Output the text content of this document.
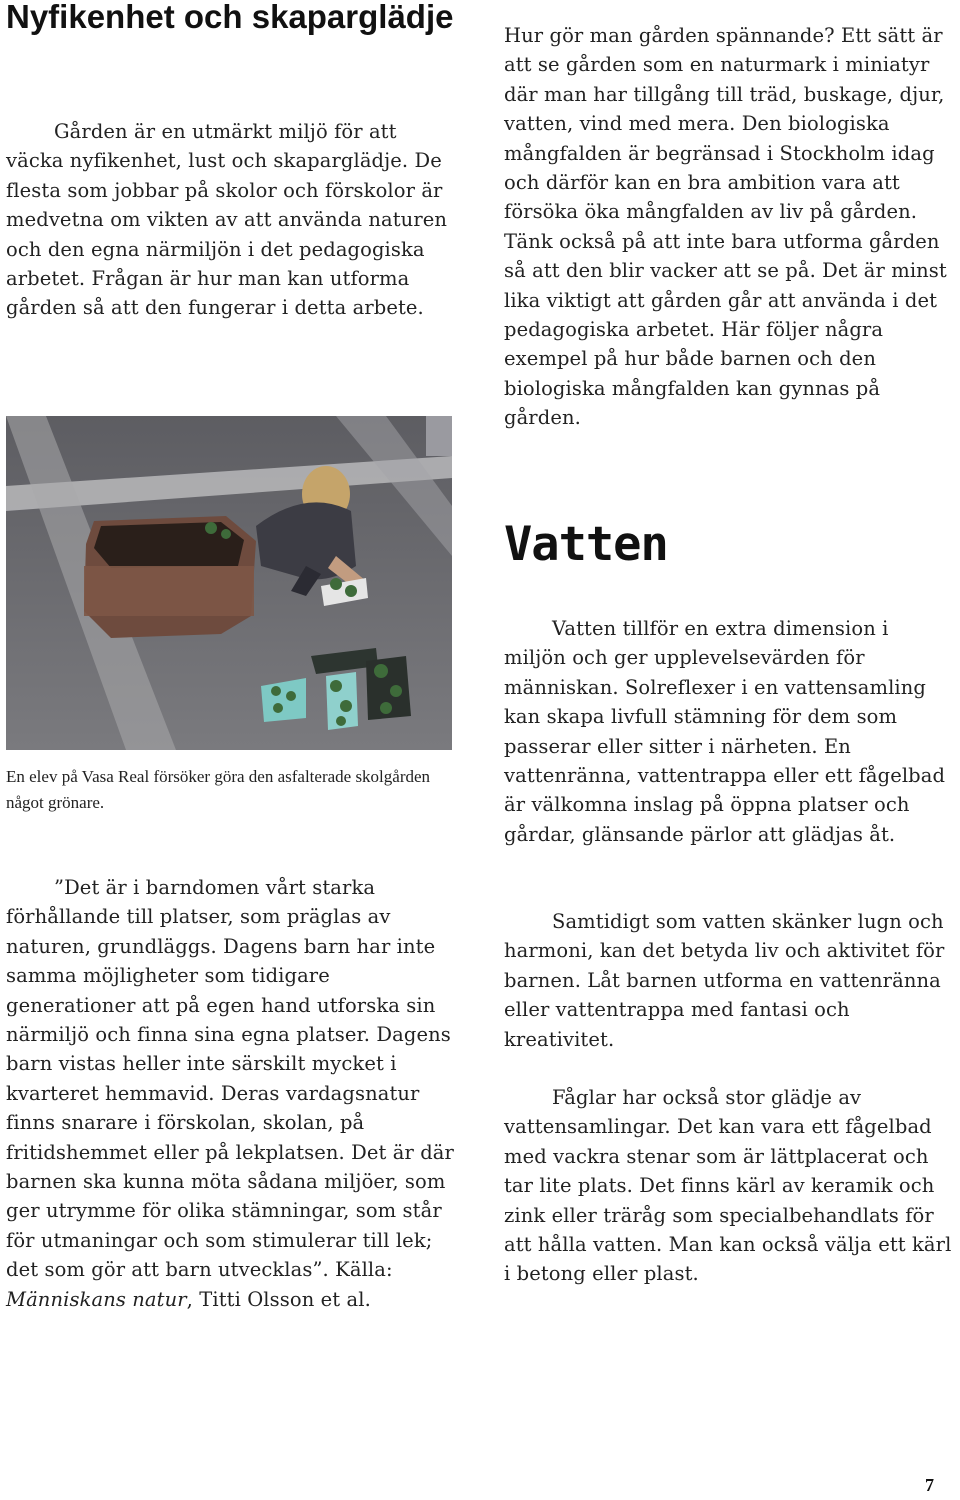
Nyfikenhet och skaparglädje

Gården är en utmärkt miljö för att väcka nyfikenhet, lust och skaparglädje. De flesta som jobbar på skolor och förskolor är medvetna om vikten av att använda naturen och den egna närmiljön i det pedagogiska arbetet. Frågan är hur man kan utforma gården så att den fungerar i detta arbete.

En elev på Vasa Real försöker göra den asfalterade skolgården något grönare.

”Det är i barndomen vårt starka förhållande till platser, som präglas av naturen, grundläggs. Dagens barn har inte samma möjligheter som tidigare generationer att på egen hand utforska sin närmiljö och finna sina egna platser. Dagens barn vistas heller inte särskilt mycket i kvarteret hemmavid. Deras vardagsnatur finns snarare i förskolan, skolan, på fritidshemmet eller på lekplatsen. Det är där barnen ska kunna möta sådana miljöer, som ger utrymme för olika stämningar, som står för utmaningar och som stimulerar till lek; det som gör att barn utvecklas”. Källa: Människans natur, Titti Olsson et al.

Hur gör man gården spännande? Ett sätt är att se gården som en naturmark i miniatyr där man har tillgång till träd, buskage, djur, vatten, vind med mera. Den biologiska mångfalden är begränsad i Stockholm idag och därför kan en bra ambition vara att försöka öka mångfalden av liv på gården. Tänk också på att inte bara utforma gården så att den blir vacker att se på. Det är minst lika viktigt att gården går att använda i det pedagogiska arbetet. Här följer några exempel på hur både barnen och den biologiska mångfalden kan gynnas på gården.

Vatten

Vatten tillför en extra dimension i miljön och ger upplevelsevärden för människan. Solreflexer i en vattensamling kan skapa livfull stämning för dem som passerar eller sitter i närheten. En vattenränna, vattentrappa eller ett fågelbad är välkomna inslag på öppna platser och gårdar, glänsande pärlor att glädjas åt.

Samtidigt som vatten skänker lugn och harmoni, kan det betyda liv och aktivitet för barnen. Låt barnen utforma en vattenränna eller vattentrappa med fantasi och kreativitet.

Fåglar har också stor glädje av vattensamlingar. Det kan vara ett fågelbad med vackra stenar som är lättplacerat och tar lite plats. Det finns kärl av keramik och zink eller träråg som specialbehandlats för att hålla vatten. Man kan också välja ett kärl i betong eller plast.

7
